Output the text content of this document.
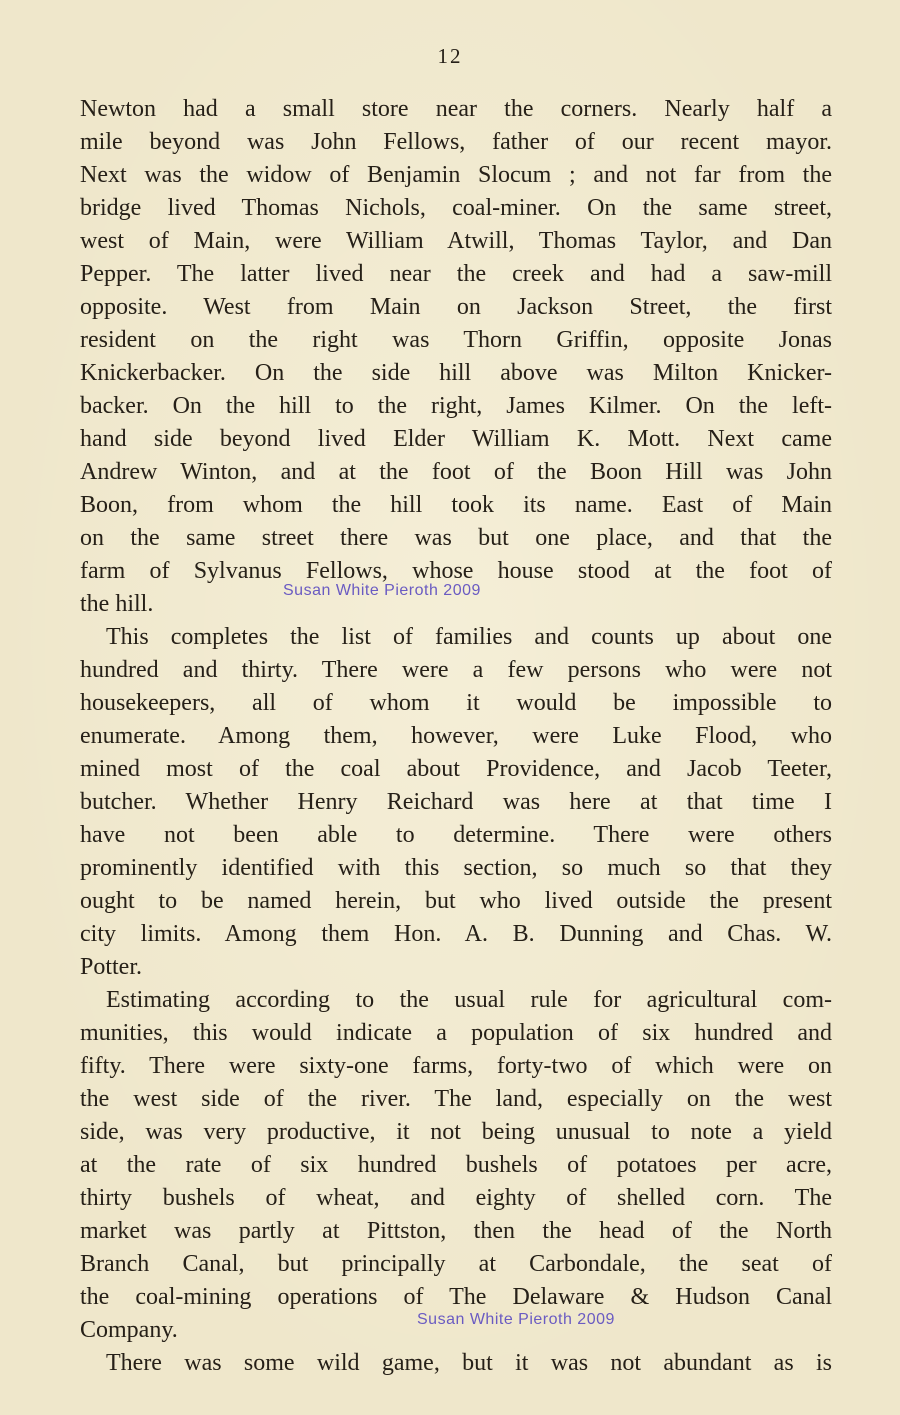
12
Newton had a small store near the corners. Nearly half a
mile beyond was John Fellows, father of our recent mayor.
Next was the widow of Benjamin Slocum ; and not far from the
bridge lived Thomas Nichols, coal-miner. On the same street,
west of Main, were William Atwill, Thomas Taylor, and Dan
Pepper. The latter lived near the creek and had a saw-mill
opposite. West from Main on Jackson Street, the first
resident on the right was Thorn Griffin, opposite Jonas
Knickerbacker. On the side hill above was Milton Knicker-
backer. On the hill to the right, James Kilmer. On the left-
hand side beyond lived Elder William K. Mott. Next came
Andrew Winton, and at the foot of the Boon Hill was John
Boon, from whom the hill took its name. East of Main
on the same street there was but one place, and that the
farm of Sylvanus Fellows, whose house stood at the foot of
the hill.
This completes the list of families and counts up about one
hundred and thirty. There were a few persons who were not
housekeepers, all of whom it would be impossible to
enumerate. Among them, however, were Luke Flood, who
mined most of the coal about Providence, and Jacob Teeter,
butcher. Whether Henry Reichard was here at that time I
have not been able to determine. There were others
prominently identified with this section, so much so that they
ought to be named herein, but who lived outside the present
city limits. Among them Hon. A. B. Dunning and Chas. W.
Potter.
Estimating according to the usual rule for agricultural com-
munities, this would indicate a population of six hundred and
fifty. There were sixty-one farms, forty-two of which were on
the west side of the river. The land, especially on the west
side, was very productive, it not being unusual to note a yield
at the rate of six hundred bushels of potatoes per acre,
thirty bushels of wheat, and eighty of shelled corn. The
market was partly at Pittston, then the head of the North
Branch Canal, but principally at Carbondale, the seat of
the coal-mining operations of The Delaware & Hudson Canal
Company.
There was some wild game, but it was not abundant as is
Susan White Pieroth 2009
Susan White Pieroth 2009
